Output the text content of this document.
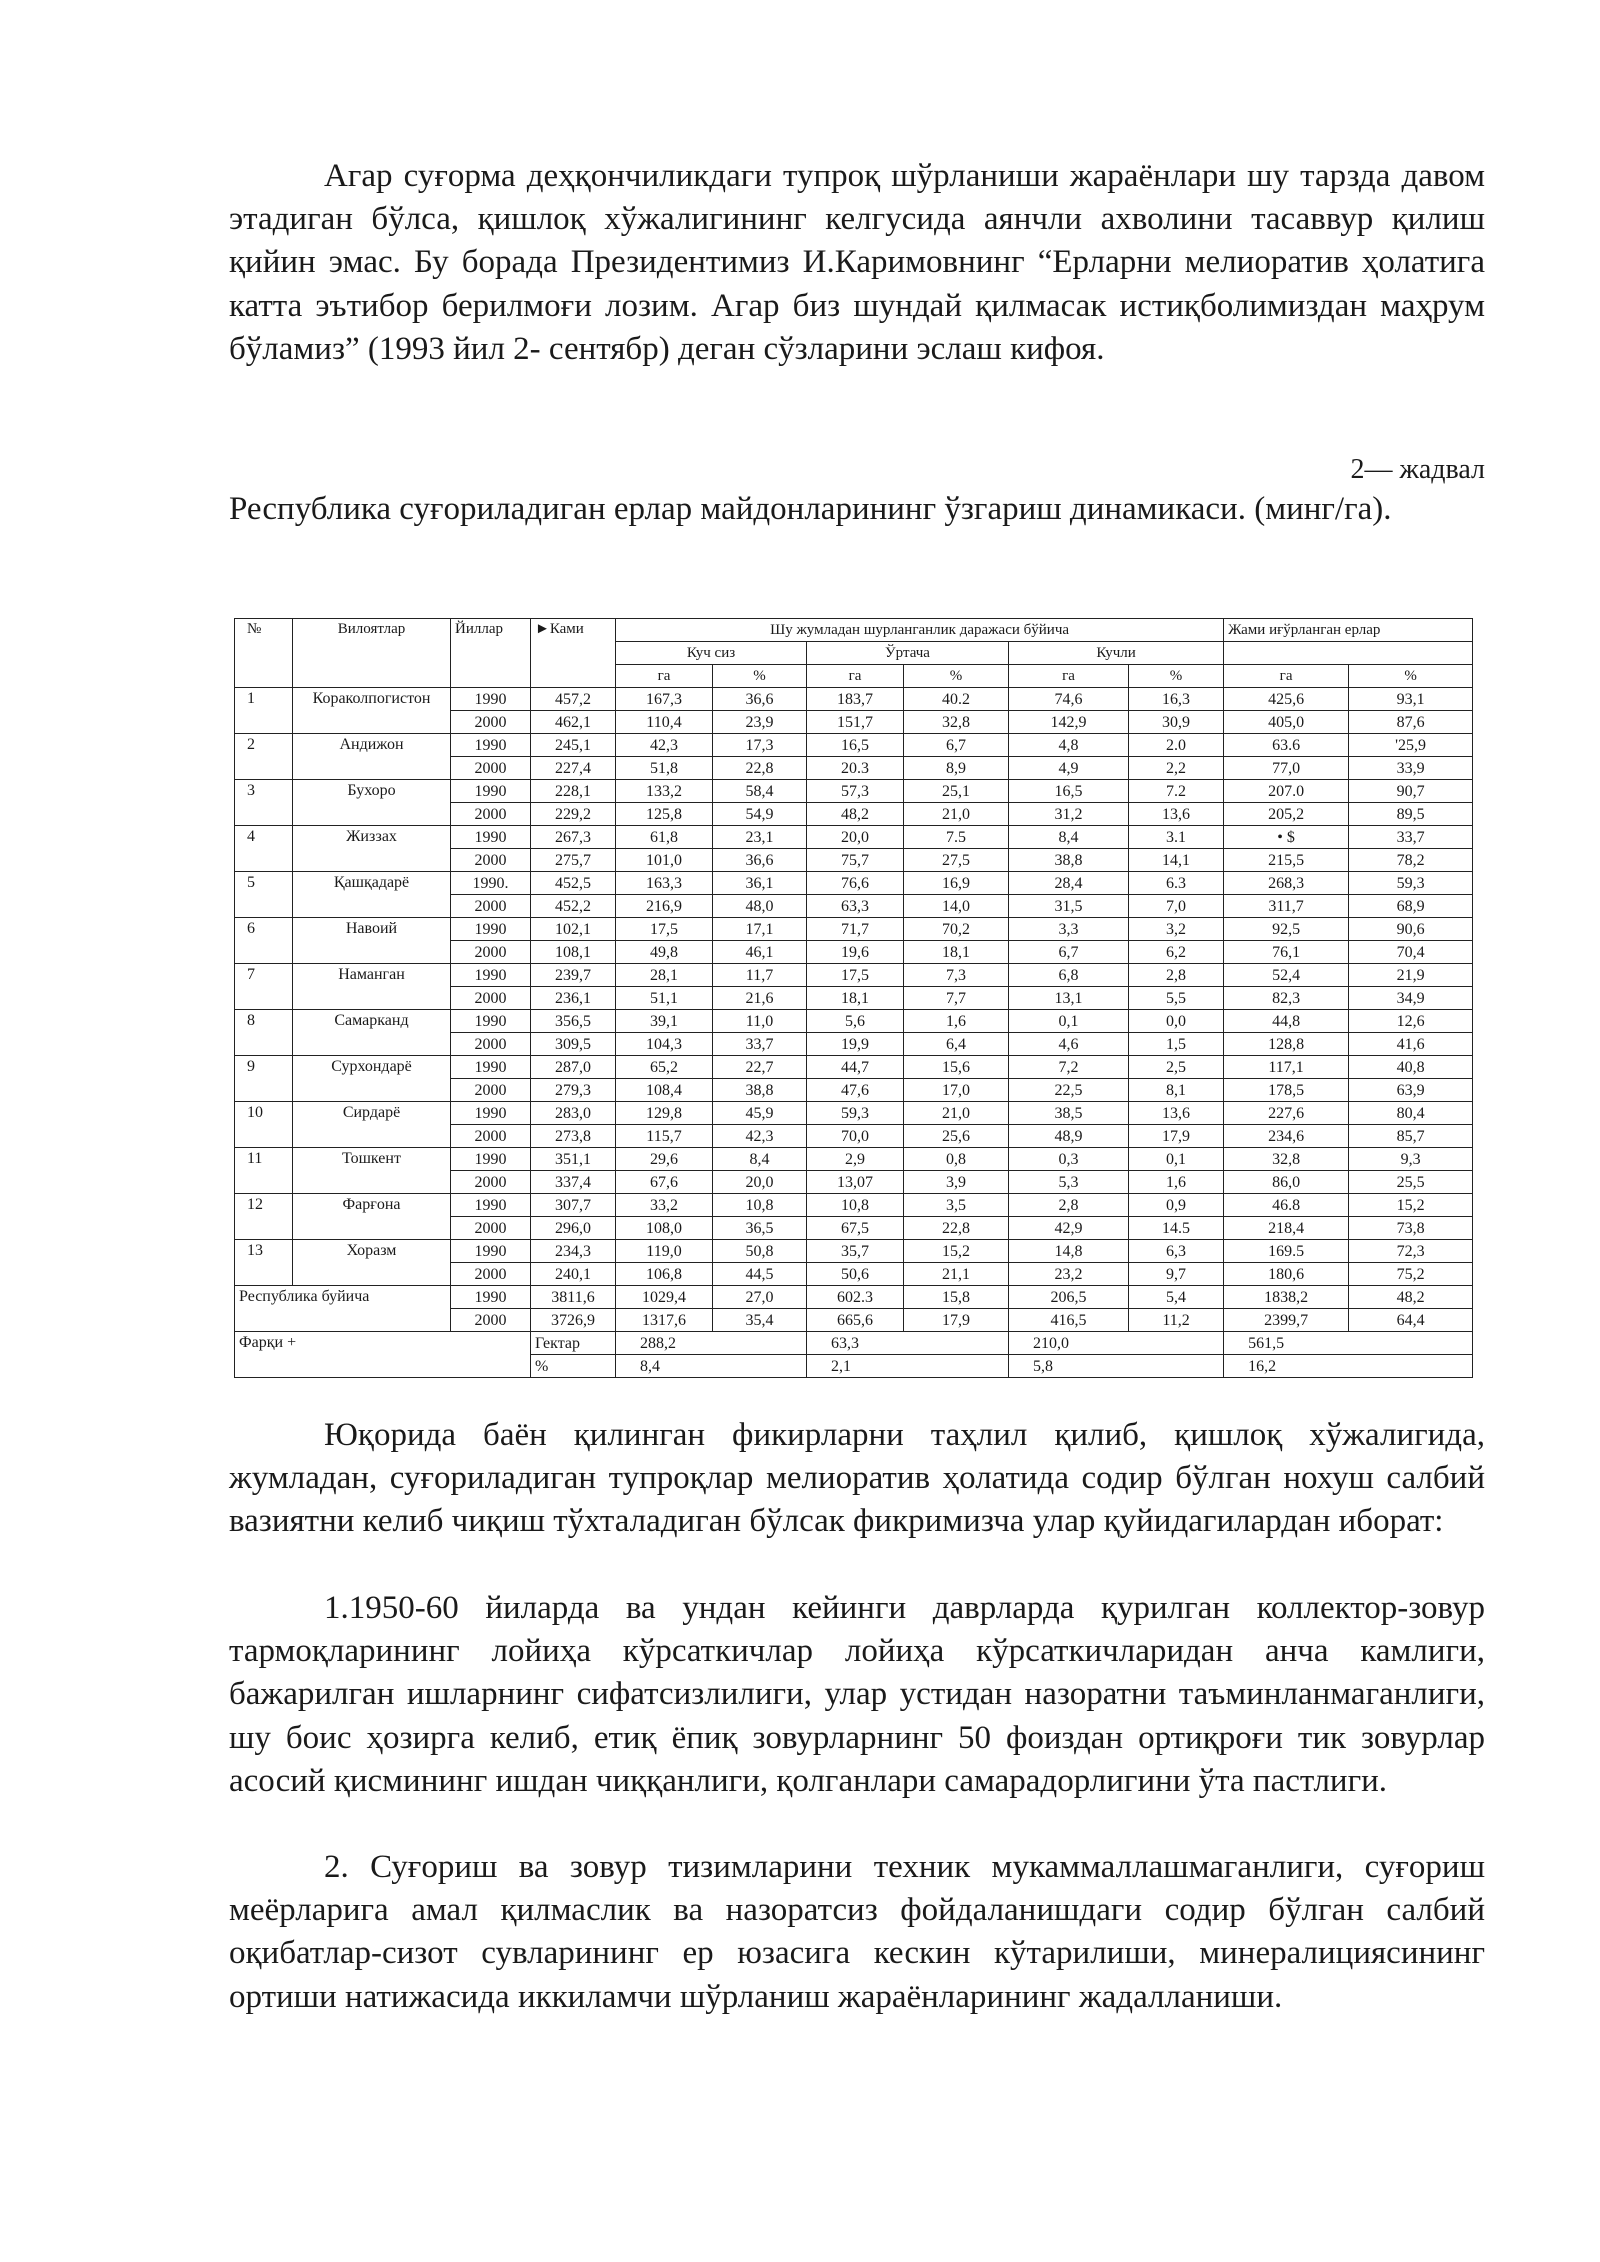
Агар суғорма деҳқончиликдаги тупроқ шўрланиши жараёнлари шу тарзда давом этадиган бўлса, қишлоқ хўжалигининг келгусида аянчли ахволини тасаввур қилиш қийин эмас. Бу борада Президентимиз И.Каримовнинг “Ерларни мелиоратив ҳолатига катта эътибор берилмоғи лозим. Агар биз шундай қилмасак истиқболимиздан маҳрум бўламиз” (1993 йил 2- сентябр) деган сўзларини эслаш кифоя.

2— жадвал

Республика суғориладиган ерлар майдонларининг ўзгариш динамикаси. (минг/га).

№	Вилоятлар	Йиллар	►Ками	Шу жумладан шурланганлик даражаси бўйича						Жами иғўрланган ерлар	
				Куч сиз		Ўртача		Кучли			
				га	%	га	%	га	%	га	%
1	Кораколпогистон	1990	457,2	167,3	36,6	183,7	40.2	74,6	16,3	425,6	93,1
		2000	462,1	110,4	23,9	151,7	32,8	142,9	30,9	405,0	87,6
2	Андижон	1990	245,1	42,3	17,3	16,5	6,7	4,8	2.0	63.6	'25,9
		2000	227,4	51,8	22,8	20.3	8,9	4,9	2,2	77,0	33,9
3	Бухоро	1990	228,1	133,2	58,4	57,3	25,1	16,5	7.2	207.0	90,7
		2000	229,2	125,8	54,9	48,2	21,0	31,2	13,6	205,2	89,5
4	Жиззах	1990	267,3	61,8	23,1	20,0	7.5	8,4	3.1	• $	33,7
		2000	275,7	101,0	36,6	75,7	27,5	38,8	14,1	215,5	78,2
5	Қашқадарё	1990.	452,5	163,3	36,1	76,6	16,9	28,4	6.3	268,3	59,3
		2000	452,2	216,9	48,0	63,3	14,0	31,5	7,0	311,7	68,9
6	Навоий	1990	102,1	17,5	17,1	71,7	70,2	3,3	3,2	92,5	90,6
		2000	108,1	49,8	46,1	19,6	18,1	6,7	6,2	76,1	70,4
7	Наманган	1990	239,7	28,1	11,7	17,5	7,3	6,8	2,8	52,4	21,9
		2000	236,1	51,1	21,6	18,1	7,7	13,1	5,5	82,3	34,9
8	Самарканд	1990	356,5	39,1	11,0	5,6	1,6	0,1	0,0	44,8	12,6
		2000	309,5	104,3	33,7	19,9	6,4	4,6	1,5	128,8	41,6
9	Сурхондарё	1990	287,0	65,2	22,7	44,7	15,6	7,2	2,5	117,1	40,8
		2000	279,3	108,4	38,8	47,6	17,0	22,5	8,1	178,5	63,9
10	Сирдарё	1990	283,0	129,8	45,9	59,3	21,0	38,5	13,6	227,6	80,4
		2000	273,8	115,7	42,3	70,0	25,6	48,9	17,9	234,6	85,7
11	Тошкент	1990	351,1	29,6	8,4	2,9	0,8	0,3	0,1	32,8	9,3
		2000	337,4	67,6	20,0	13,07	3,9	5,3	1,6	86,0	25,5
12	Фарғона	1990	307,7	33,2	10,8	10,8	3,5	2,8	0,9	46.8	15,2
		2000	296,0	108,0	36,5	67,5	22,8	42,9	14.5	218,4	73,8
13	Хоразм	1990	234,3	119,0	50,8	35,7	15,2	14,8	6,3	169.5	72,3
		2000	240,1	106,8	44,5	50,6	21,1	23,2	9,7	180,6	75,2
Республика буйича		1990	3811,6	1029,4	27,0	602.3	15,8	206,5	5,4	1838,2	48,2
		2000	3726,9	1317,6	35,4	665,6	17,9	416,5	11,2	2399,7	64,4
Фарқи +			Гектар	288,2		63,3		210,0		561,5	
			%	8,4		2,1		5,8		16,2	

Юқорида баён қилинган фикирларни таҳлил қилиб, қишлоқ хўжалигида, жумладан, суғориладиган тупроқлар мелиоратив ҳолатида содир бўлган нохуш салбий вазиятни келиб чиқиш тўхталадиган бўлсак фикримизча улар қуйидагилардан иборат:

1.1950-60 йиларда ва ундан кейинги даврларда қурилган коллектор-зовур тармоқларининг лойиҳа кўрсаткичлар лойиҳа кўрсаткичларидан анча камлиги, бажарилган ишларнинг сифатсизлилиги, улар устидан назоратни таъминланмаганлиги, шу боис ҳозирга келиб, етиқ ёпиқ зовурларнинг 50 фоиздан ортиқроғи тик зовурлар асосий қисмининг ишдан чиққанлиги, қолганлари самарадорлигини ўта пастлиги.

2. Суғориш ва зовур тизимларини техник мукаммаллашмаганлиги, суғориш меёрларига амал қилмаслик ва назоратсиз фойдаланишдаги содир бўлган салбий оқибатлар-сизот сувларининг ер юзасига кескин кўтарилиши, минералициясининг ортиши натижасида иккиламчи шўрланиш жараёнларининг жадалланиши.
